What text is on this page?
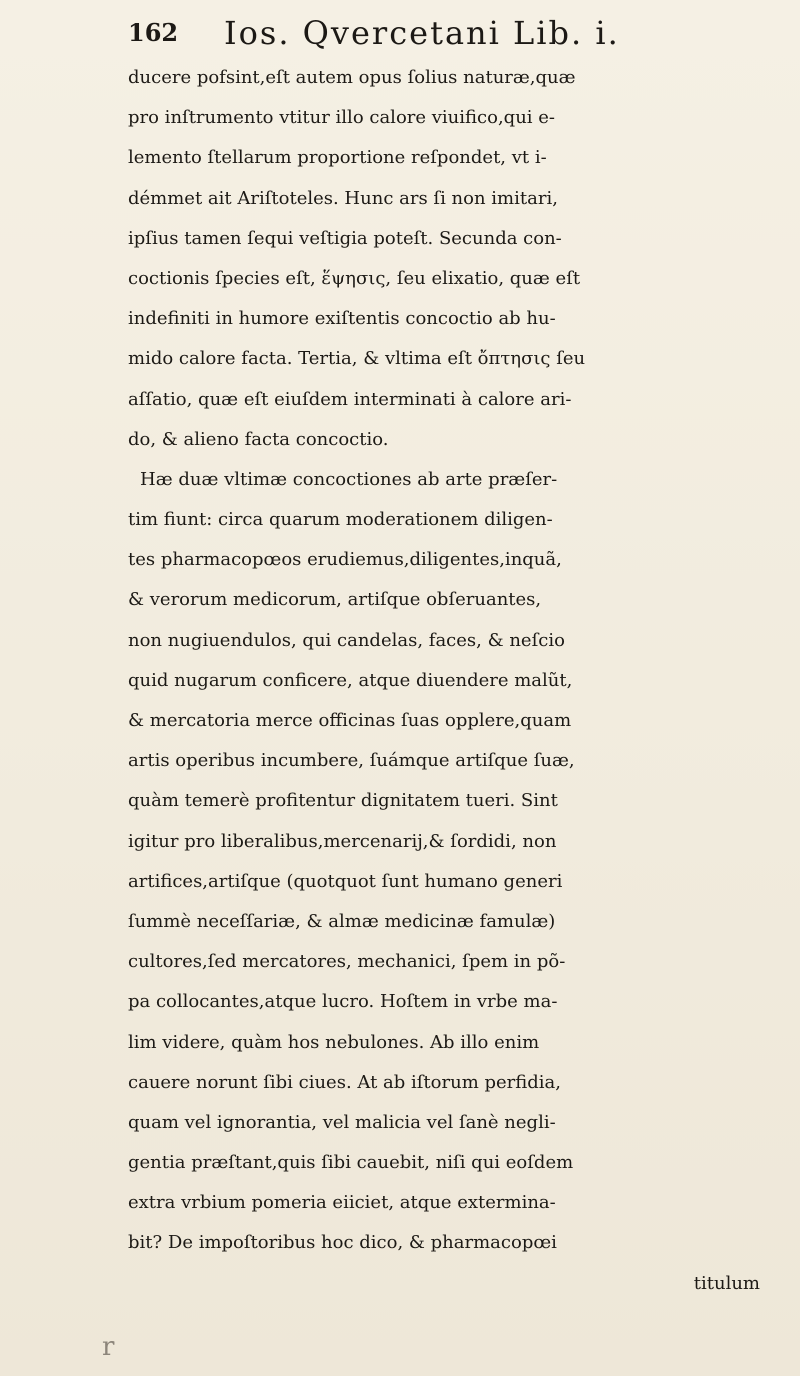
162 Ios. Qvercetani Lib. i.
ducere pofsint,eſt autem opus ſolius naturæ,quæ
pro inſtrumento vtitur illo calore viuifico,qui e-
lemento ſtellarum proportione reſpondet, vt i-
démmet ait Ariſtoteles. Hunc ars ſi non imitari,
ipſius tamen ſequi veſtigia poteſt. Secunda con-
coctionis ſpecies eſt, ἕψησις, ſeu elixatio, quæ eſt
indefiniti in humore exiſtentis concoctio ab hu-
mido calore facta. Tertia, & vltima eſt ὄπτησις ſeu
aſſatio, quæ eſt eiuſdem interminati à calore ari-
do, & alieno facta concoctio.
Hæ duæ vltimæ concoctiones ab arte præſer-
tim fiunt: circa quarum moderationem diligen-
tes pharmacopœos erudiemus,diligentes,inquã,
& verorum medicorum, artiſque obſeruantes,
non nugiuendulos, qui candelas, faces, & neſcio
quid nugarum conficere, atque diuendere malũt,
& mercatoria merce officinas ſuas opplere,quam
artis operibus incumbere, ſuámque artiſque ſuæ,
quàm temerè profitentur dignitatem tueri. Sint
igitur pro liberalibus,mercenarij,& ſordidi, non
artifices,artiſque (quotquot ſunt humano generi
ſummè neceſſariæ, & almæ medicinæ famulæ)
cultores,ſed mercatores, mechanici, ſpem in põ-
pa collocantes,atque lucro. Hoſtem in vrbe ma-
lim videre, quàm hos nebulones. Ab illo enim
cauere norunt ſibi ciues. At ab iſtorum perfidia,
quam vel ignorantia, vel malicia vel ſanè negli-
gentia præſtant,quis ſibi cauebit, niſi qui eoſdem
extra vrbium pomeria eiiciet, atque extermina-
bit? De impoſtoribus hoc dico, & pharmacopœi
titulum
r
